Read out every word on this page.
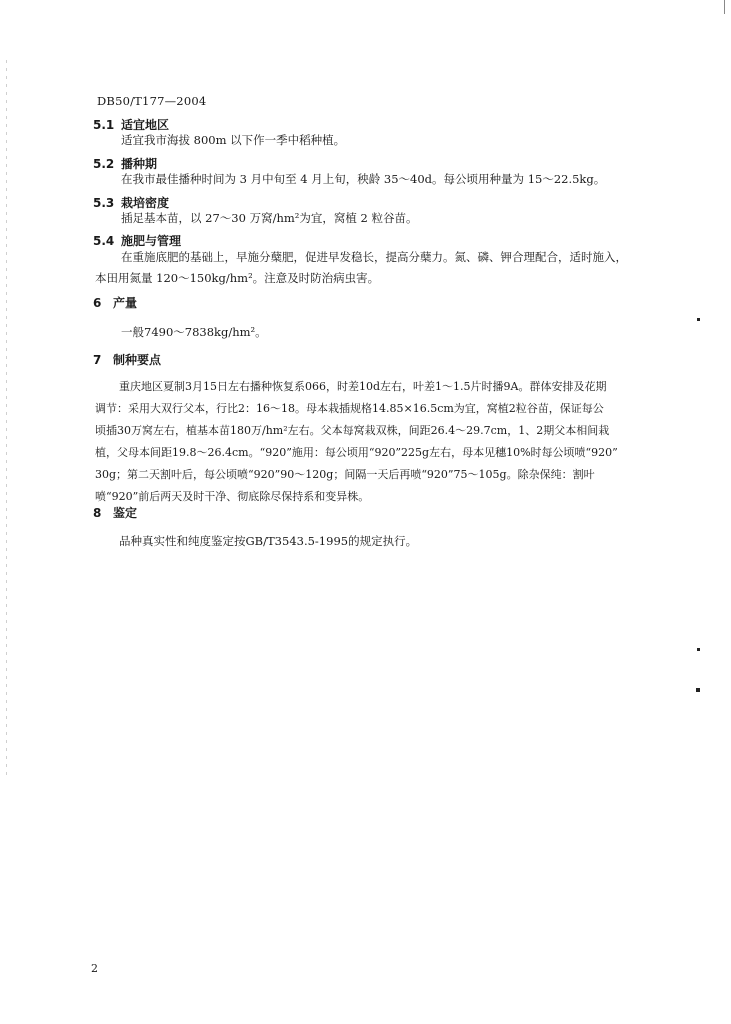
DB50/T177—2004
5.1 适宜地区
适宜我市海拔 800m 以下作一季中稻种植。
5.2 播种期
在我市最佳播种时间为 3 月中旬至 4 月上旬，秧龄 35～40d。每公顷用种量为 15～22.5kg。
5.3 栽培密度
插足基本苗，以 27～30 万窝/hm²为宜，窝植 2 粒谷苗。
5.4 施肥与管理
在重施底肥的基础上，早施分蘖肥，促进早发稳长，提高分蘖力。氮、磷、钾合理配合，适时施入，
本田用氮量 120～150kg/hm²。注意及时防治病虫害。
6 产量
一般7490～7838kg/hm²。
7 制种要点
重庆地区夏制3月15日左右播种恢复系066，时差10d左右，叶差1～1.5片时播9A。群体安排及花期
调节：采用大双行父本，行比2：16～18。母本栽插规格14.85×16.5cm为宜，窝植2粒谷苗，保证每公
顷插30万窝左右，植基本苗180万/hm²左右。父本每窝栽双株，间距26.4～29.7cm，1、2期父本相间栽
植，父母本间距19.8～26.4cm。“920”施用：每公顷用“920”225g左右，母本见穗10%时每公顷喷“920”
30g；第二天割叶后，每公顷喷“920”90～120g；间隔一天后再喷“920”75～105g。除杂保纯：割叶
喷“920”前后两天及时干净、彻底除尽保持系和变异株。
8 鉴定
品种真实性和纯度鉴定按GB/T3543.5-1995的规定执行。
2
